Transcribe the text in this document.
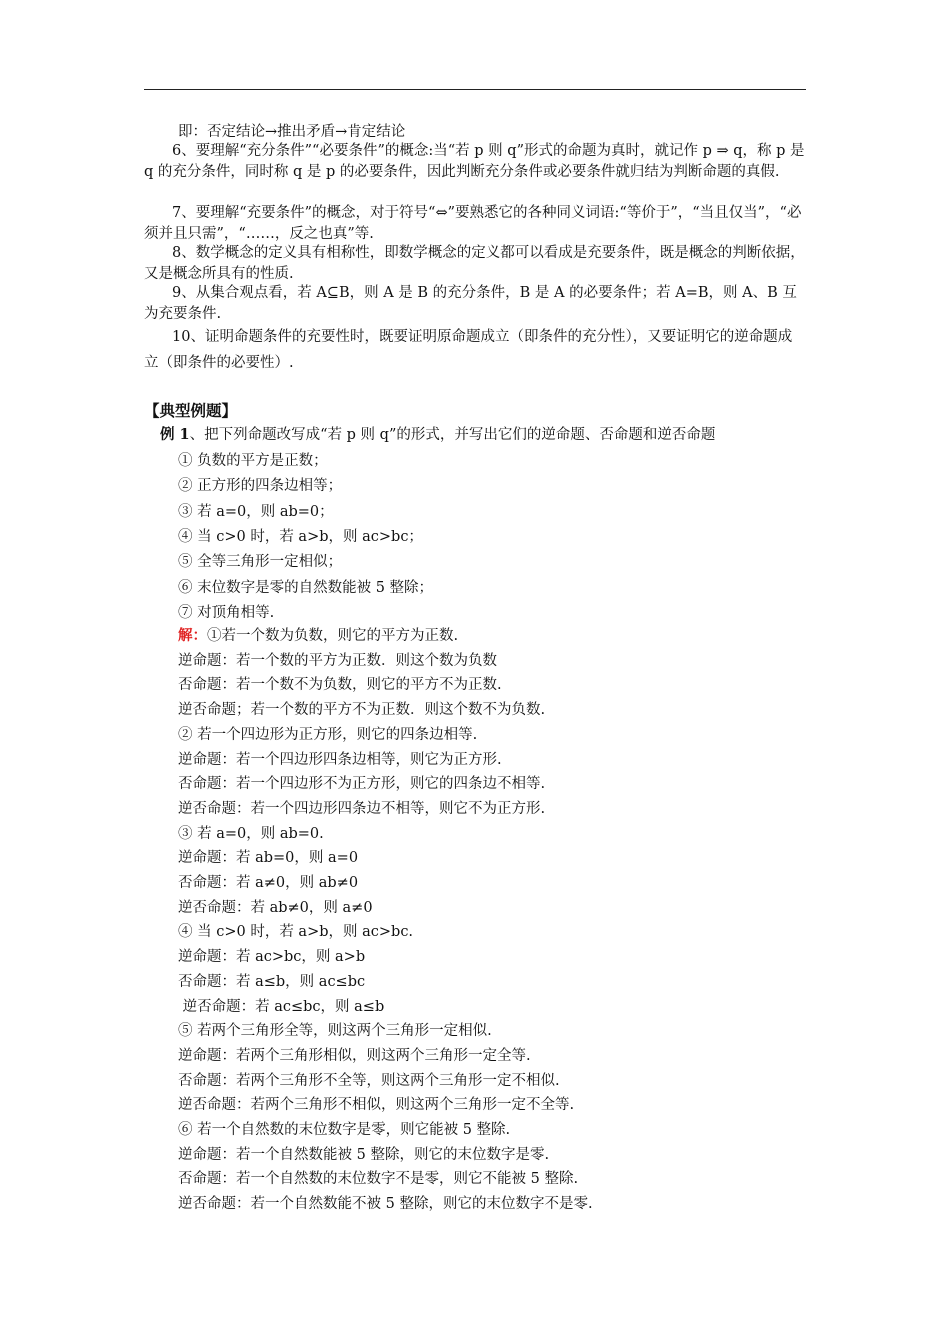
即：否定结论→推出矛盾→肯定结论

6、要理解“充分条件”“必要条件”的概念:当“若 p 则 q”形式的命题为真时，就记作 p ⇒ q，称 p 是 q 的充分条件，同时称 q 是 p 的必要条件，因此判断充分条件或必要条件就归结为判断命题的真假.

7、要理解“充要条件”的概念，对于符号“⇔”要熟悉它的各种同义词语:“等价于”，“当且仅当”，“必须并且只需”，“……，反之也真”等.

8、数学概念的定义具有相称性，即数学概念的定义都可以看成是充要条件，既是概念的判断依据，又是概念所具有的性质.

9、从集合观点看，若 A⊆B，则 A 是 B 的充分条件，B 是 A 的必要条件；若 A=B，则 A、B 互为充要条件.

10、证明命题条件的充要性时，既要证明原命题成立（即条件的充分性），又要证明它的逆命题成立（即条件的必要性）.

【典型例题】
例 1、把下列命题改写成“若 p 则 q”的形式，并写出它们的逆命题、否命题和逆否命题
① 负数的平方是正数；
② 正方形的四条边相等；
③ 若 a=0，则 ab=0；
④ 当 c>0 时，若 a>b，则 ac>bc；
⑤ 全等三角形一定相似；
⑥ 末位数字是零的自然数能被 5 整除；
⑦ 对顶角相等.
解：①若一个数为负数，则它的平方为正数.
逆命题：若一个数的平方为正数．则这个数为负数
否命题：若一个数不为负数，则它的平方不为正数.
逆否命题；若一个数的平方不为正数．则这个数不为负数.
② 若一个四边形为正方形，则它的四条边相等.
逆命题：若一个四边形四条边相等，则它为正方形.
否命题：若一个四边形不为正方形，则它的四条边不相等.
逆否命题：若一个四边形四条边不相等，则它不为正方形.
③ 若 a=0，则 ab=0.
逆命题：若 ab=0，则 a=0
否命题：若 a≠0，则 ab≠0
逆否命题：若 ab≠0，则 a≠0
④ 当 c>0 时，若 a>b，则 ac>bc.
逆命题：若 ac>bc，则 a>b
否命题：若 a≤b，则 ac≤bc
逆否命题：若 ac≤bc，则 a≤b
⑤ 若两个三角形全等，则这两个三角形一定相似.
逆命题：若两个三角形相似，则这两个三角形一定全等.
否命题：若两个三角形不全等，则这两个三角形一定不相似.
逆否命题：若两个三角形不相似，则这两个三角形一定不全等.
⑥ 若一个自然数的末位数字是零，则它能被 5 整除.
逆命题：若一个自然数能被 5 整除，则它的末位数字是零.
否命题：若一个自然数的末位数字不是零，则它不能被 5 整除.
逆否命题：若一个自然数能不被 5 整除，则它的末位数字不是零.
